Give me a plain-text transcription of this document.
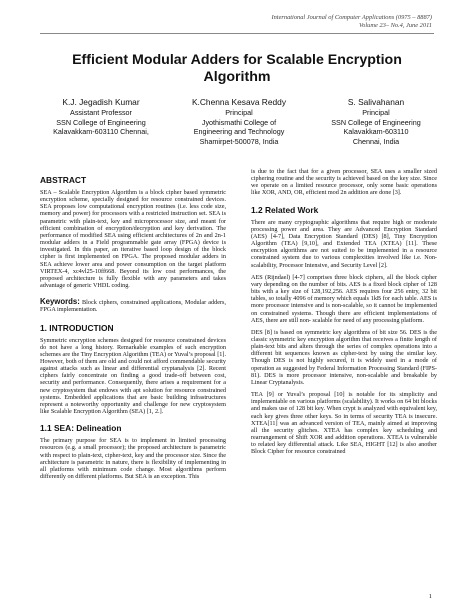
International Journal of Computer Applications (0975 – 8887)
Volume 23– No.4, June 2011
Efficient Modular Adders for Scalable Encryption
Algorithm
K.J. Jegadish Kumar
Assistant Professor
SSN College of Engineering
Kalavakkam-603110 Chennai,
K.Chenna Kesava Reddy
Principal
Jyothismathi College of
Engineering and Technology
Shamirpet-500078, India
S. Salivahanan
Principal
SSN College of Engineering
Kalavakkam-603110
Chennai, India
ABSTRACT

SEA – Scalable Encryption Algorithm is a block cipher based symmetric encryption scheme, specially designed for resource constrained devices. SEA proposes low computational encryption routines (i.e. less code size, memory and power) for processors with a restricted instruction set. SEA is parametric with plain-text, key and microprocessor size, and meant for efficient combination of encryption/decryption and key derivation. The performance of modified SEA using efficient architectures of 2n and 2n-1 modular adders in a Field programmable gate array (FPGA) device is investigated. In this paper, an iterative based loop design of the block cipher is first implemented on FPGA. The proposed modular adders in SEA achieve lower area and power consumption on the target platform VIRTEX-4, xc4vl25-10ff668. Beyond its low cost performances, the proposed architecture is fully flexible with any parameters and takes advantage of generic VHDL coding.

Keywords: Block ciphers, constrained applications, Modular adders, FPGA implementation.

1. INTRODUCTION

Symmetric encryption schemes designed for resource constrained devices do not have a long history. Remarkable examples of such encryption schemes are the Tiny Encryption Algorithm (TEA) or Yuval’s proposal [1]. However, both of them are old and could not afford commendable security against attacks such as linear and differential cryptanalysis [2]. Recent ciphers fairly concentrate on finding a good trade-off between cost, security and performance. Consequently, there arises a requirement for a new cryptosystem that endows with apt solution for resource constrained systems. Embedded applications that are basic building infrastructures represent a noteworthy opportunity and challenge for new cryptosystem like Scalable Encryption Algorithm (SEA) [1, 2.].

1.1 SEA: Delineation

The primary purpose for SEA is to implement in limited processing resources (e.g. a small processor); the proposed architecture is parametric with respect to plain-text, cipher-text, key and the processor size. Since the architecture is parametric in nature, there is flexibility of implementing in all platforms with minimum code change. Most algorithms perform differently on different platforms. But SEA is an exception. This

is due to the fact that for a given processor, SEA uses a smaller sized ciphering routine and the security is achieved based on the key size. Since we operate on a limited resource processor, only some basic operations like XOR, AND, OR, efficient mod 2n addition are done [3].

1.2 Related Work

There are many cryptographic algorithms that require high or moderate processing power and area. They are Advanced Encryption Standard (AES) [4-7], Data Encryption Standard (DES) [8], Tiny Encryption Algorithm (TEA) [9,10], and Extended TEA (XTEA) [11]. These encryption algorithms are not suited to be implemented in a resource constrained system due to various complexities involved like i.e. Non-scalability, Processor Intensive, and Security Level [2].

AES (Rijndael) [4-7] comprises three block ciphers, all the block cipher vary depending on the number of bits. AES is a fixed block cipher of 128 bits with a key size of 128,192,256. AES requires four 256 entry, 32 bit tables, so totally 4096 of memory which equals 1kB for each table. AES is more processor intensive and is non-scalable, so it cannot be implemented on constrained systems. Though there are efficient implementations of AES, there are still non- scalable for need of any processing platform.

DES [8] is based on symmetric key algorithms of bit size 56. DES is the classic symmetric key encryption algorithm that receives a finite length of plain-text bits and alters through the series of complex operations into a different bit sequences known as cipher-text by using the similar key. Though DES is not highly secured, it is widely used in a mode of operation as suggested by Federal Information Processing Standard (FIPS-81). DES is more processor intensive, non-scalable and breakable by Linear Cryptanalysis.

TEA [9] or Yuval’s proposal [10] is notable for its simplicity and implementable on various platforms (scalability). It works on 64 bit blocks and makes use of 128 bit key. When crypt is analyzed with equivalent key, each key gives three other keys. So in terms of security TEA is insecure. XTEA[11] was an advanced version of TEA, mainly aimed at improving all the security glitches. XTEA has complex key scheduling and rearrangement of Shift XOR and addition operations. XTEA is vulnerable to related key differential attack. Like SEA, HIGHT [12] is also another Block Cipher for resource constrained

1
